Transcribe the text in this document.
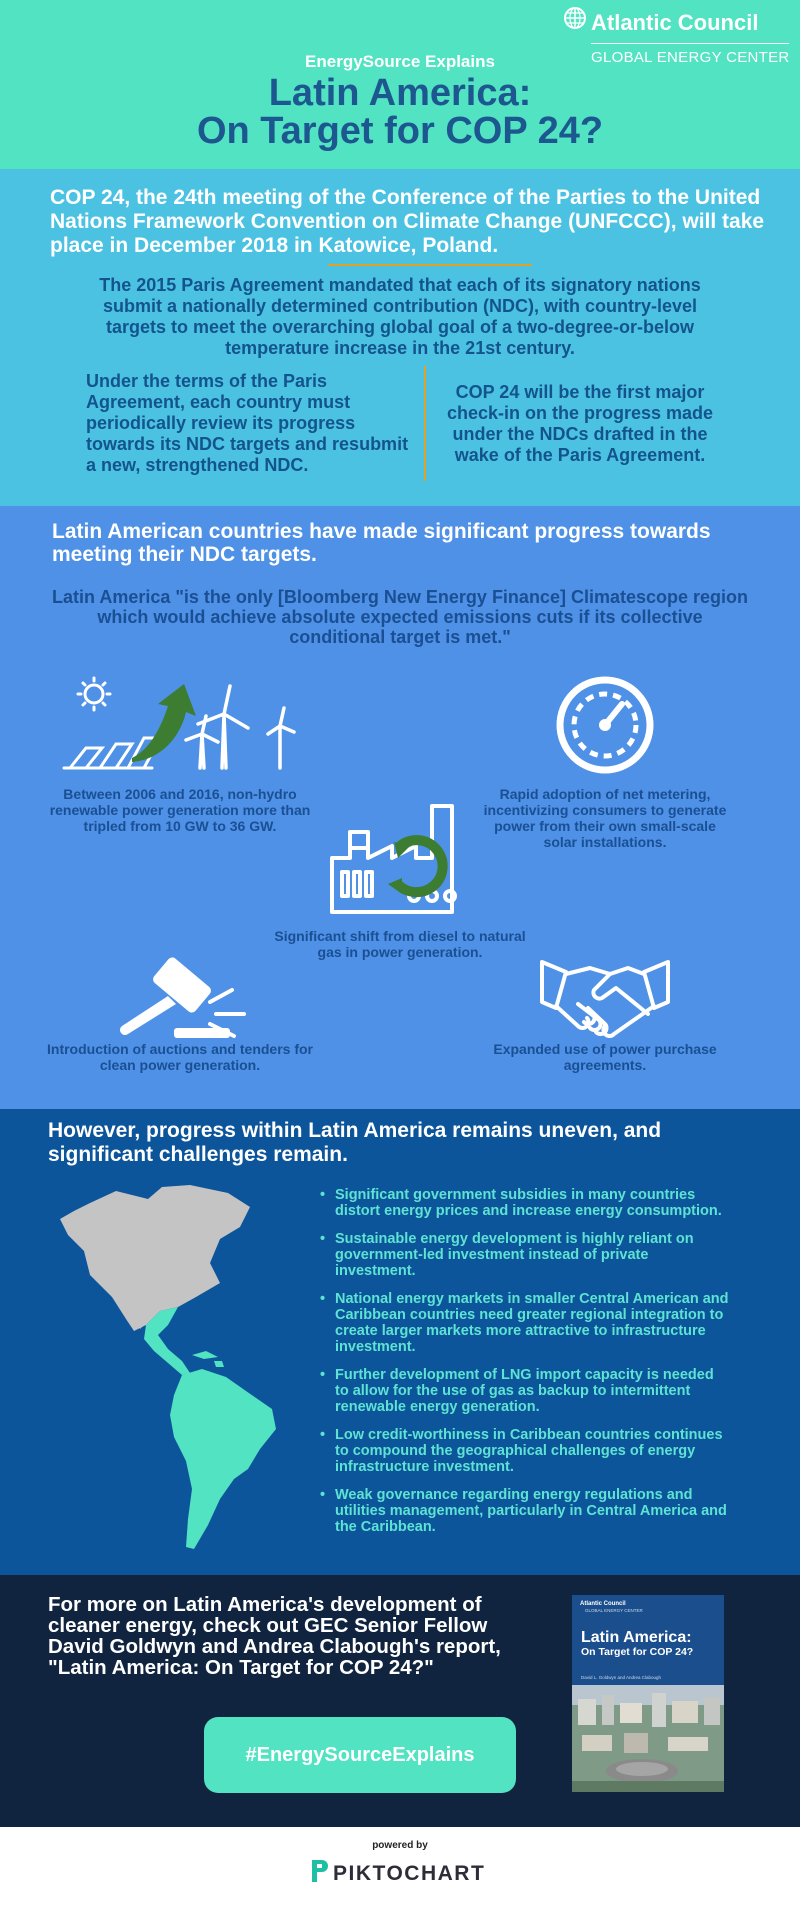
Atlantic Council
GLOBAL ENERGY CENTER
EnergySource Explains
Latin America:
On Target for COP 24?

COP 24, the 24th meeting of the Conference of the Parties to the United Nations Framework Convention on Climate Change (UNFCCC), will take place in December 2018 in Katowice, Poland.

The 2015 Paris Agreement mandated that each of its signatory nations submit a nationally determined contribution (NDC), with country-level targets to meet the overarching global goal of a two-degree-or-below temperature increase in the 21st century.

Under the terms of the Paris Agreement, each country must periodically review its progress towards its NDC targets and resubmit a new, strengthened NDC.

COP 24 will be the first major check-in on the progress made under the NDCs drafted in the wake of the Paris Agreement.

Latin American countries have made significant progress towards meeting their NDC targets.

Latin America "is the only [Bloomberg New Energy Finance] Climatescope region which would achieve absolute expected emissions cuts if its collective conditional target is met."

Between 2006 and 2016, non-hydro renewable power generation more than tripled from 10 GW to 36 GW.

Rapid adoption of net metering, incentivizing consumers to generate power from their own small-scale solar installations.

Significant shift from diesel to natural gas in power generation.

Introduction of auctions and tenders for clean power generation.

Expanded use of power purchase agreements.

However, progress within Latin America remains uneven, and significant challenges remain.
• Significant government subsidies in many countries distort energy prices and increase energy consumption.
• Sustainable energy development is highly reliant on government-led investment instead of private investment.
• National energy markets in smaller Central American and Caribbean countries need greater regional integration to create larger markets more attractive to infrastructure investment.
• Further development of LNG import capacity is needed to allow for the use of gas as backup to intermittent renewable energy generation.
• Low credit-worthiness in Caribbean countries continues to compound the geographical challenges of energy infrastructure investment.
• Weak governance regarding energy regulations and utilities management, particularly in Central America and the Caribbean.

For more on Latin America's development of cleaner energy, check out GEC Senior Fellow David Goldwyn and Andrea Clabough's report, "Latin America: On Target for COP 24?"

#EnergySourceExplains
Atlantic Council
GLOBAL ENERGY CENTER
Latin America:
On Target for COP 24?
David L. Goldwyn and Andrea Clabough
powered by
PIKTOCHART
